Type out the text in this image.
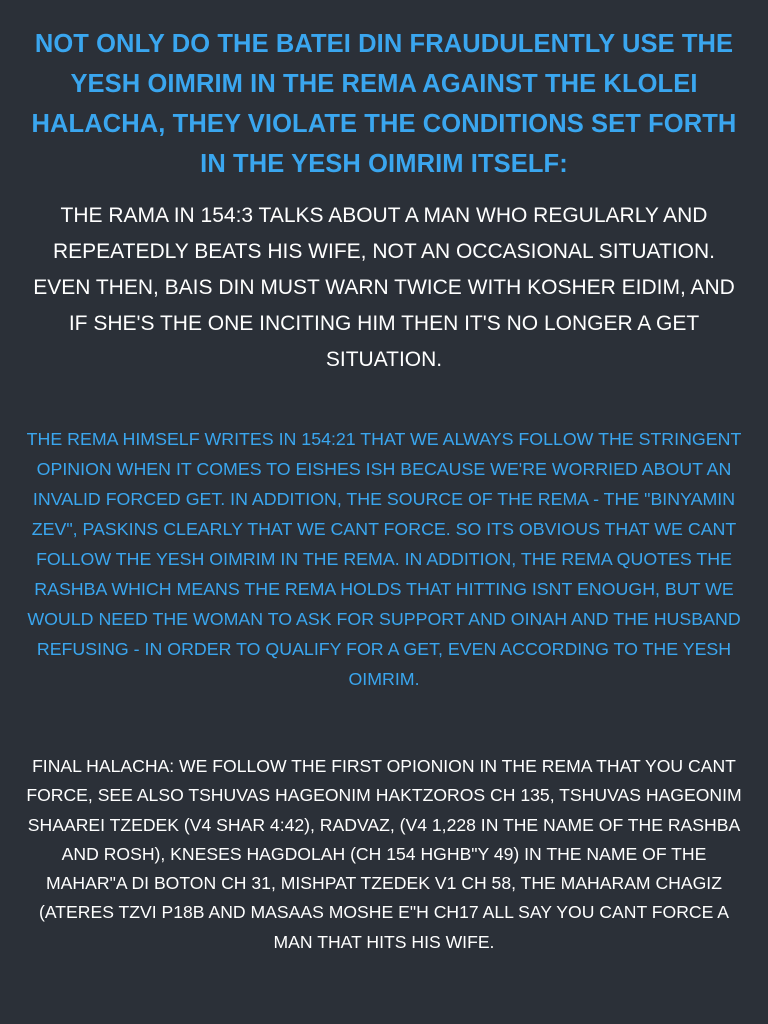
NOT ONLY DO THE BATEI DIN FRAUDULENTLY USE THE YESH OIMRIM IN THE REMA AGAINST THE KLOLEI HALACHA, THEY VIOLATE THE CONDITIONS SET FORTH IN THE YESH OIMRIM ITSELF:

THE RAMA IN 154:3 TALKS ABOUT A MAN WHO REGULARLY AND REPEATEDLY BEATS HIS WIFE, NOT AN OCCASIONAL SITUATION. EVEN THEN, BAIS DIN MUST WARN TWICE WITH KOSHER EIDIM, AND IF SHE'S THE ONE INCITING HIM THEN IT'S NO LONGER A GET SITUATION.

THE REMA HIMSELF WRITES IN 154:21 THAT WE ALWAYS FOLLOW THE STRINGENT OPINION WHEN IT COMES TO EISHES ISH BECAUSE WE'RE WORRIED ABOUT AN INVALID FORCED GET. IN ADDITION, THE SOURCE OF THE REMA - THE "BINYAMIN ZEV", PASKINS CLEARLY THAT WE CANT FORCE. SO ITS OBVIOUS THAT WE CANT FOLLOW THE YESH OIMRIM IN THE REMA. IN ADDITION, THE REMA QUOTES THE RASHBA WHICH MEANS THE REMA HOLDS THAT HITTING ISNT ENOUGH, BUT WE WOULD NEED THE WOMAN TO ASK FOR SUPPORT AND OINAH AND THE HUSBAND REFUSING - IN ORDER TO QUALIFY FOR A GET, EVEN ACCORDING TO THE YESH OIMRIM.

FINAL HALACHA: WE FOLLOW THE FIRST OPIONION IN THE REMA THAT YOU CANT FORCE, SEE ALSO TSHUVAS HAGEONIM HAKTZOROS CH 135, TSHUVAS HAGEONIM SHAAREI TZEDEK (V4 SHAR 4:42), RADVAZ, (V4 1,228 IN THE NAME OF THE RASHBA AND ROSH), KNESES HAGDOLAH (CH 154 HGHB"Y 49) IN THE NAME OF THE MAHAR"A DI BOTON CH 31, MISHPAT TZEDEK V1 CH 58, THE MAHARAM CHAGIZ (ATERES TZVI P18B AND MASAAS MOSHE E"H CH17 ALL SAY YOU CANT FORCE A MAN THAT HITS HIS WIFE.
